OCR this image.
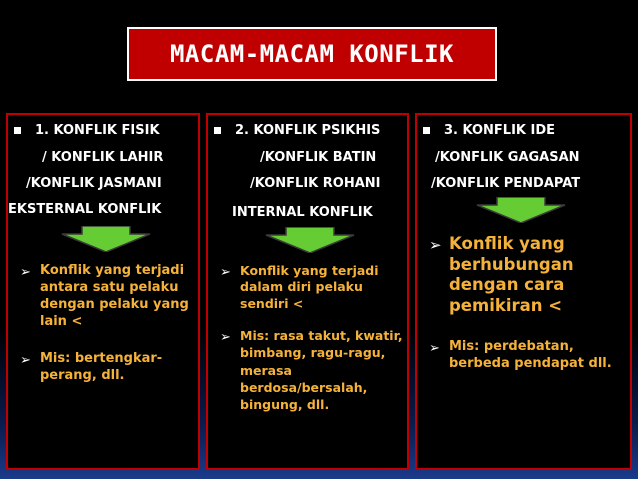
MACAM-MACAM KONFLIK
1. KONFLIK FISIK
/ KONFLIK LAHIR
/KONFLIK JASMANI
EKSTERNAL KONFLIK
➢ Konflik yang terjadi antara satu pelaku dengan pelaku yang lain <
➢ Mis: bertengkar-perang, dll.
2. KONFLIK PSIKHIS
/KONFLIK BATIN
/KONFLIK ROHANI
INTERNAL KONFLIK
➢ Konflik yang terjadi dalam diri pelaku sendiri <
➢ Mis: rasa takut, kwatir, bimbang, ragu-ragu, merasa berdosa/bersalah, bingung, dll.
3. KONFLIK IDE
/KONFLIK GAGASAN
/KONFLIK PENDAPAT
➢ Konflik yang berhubungan dengan cara pemikiran <
➢ Mis: perdebatan, berbeda pendapat dll.
